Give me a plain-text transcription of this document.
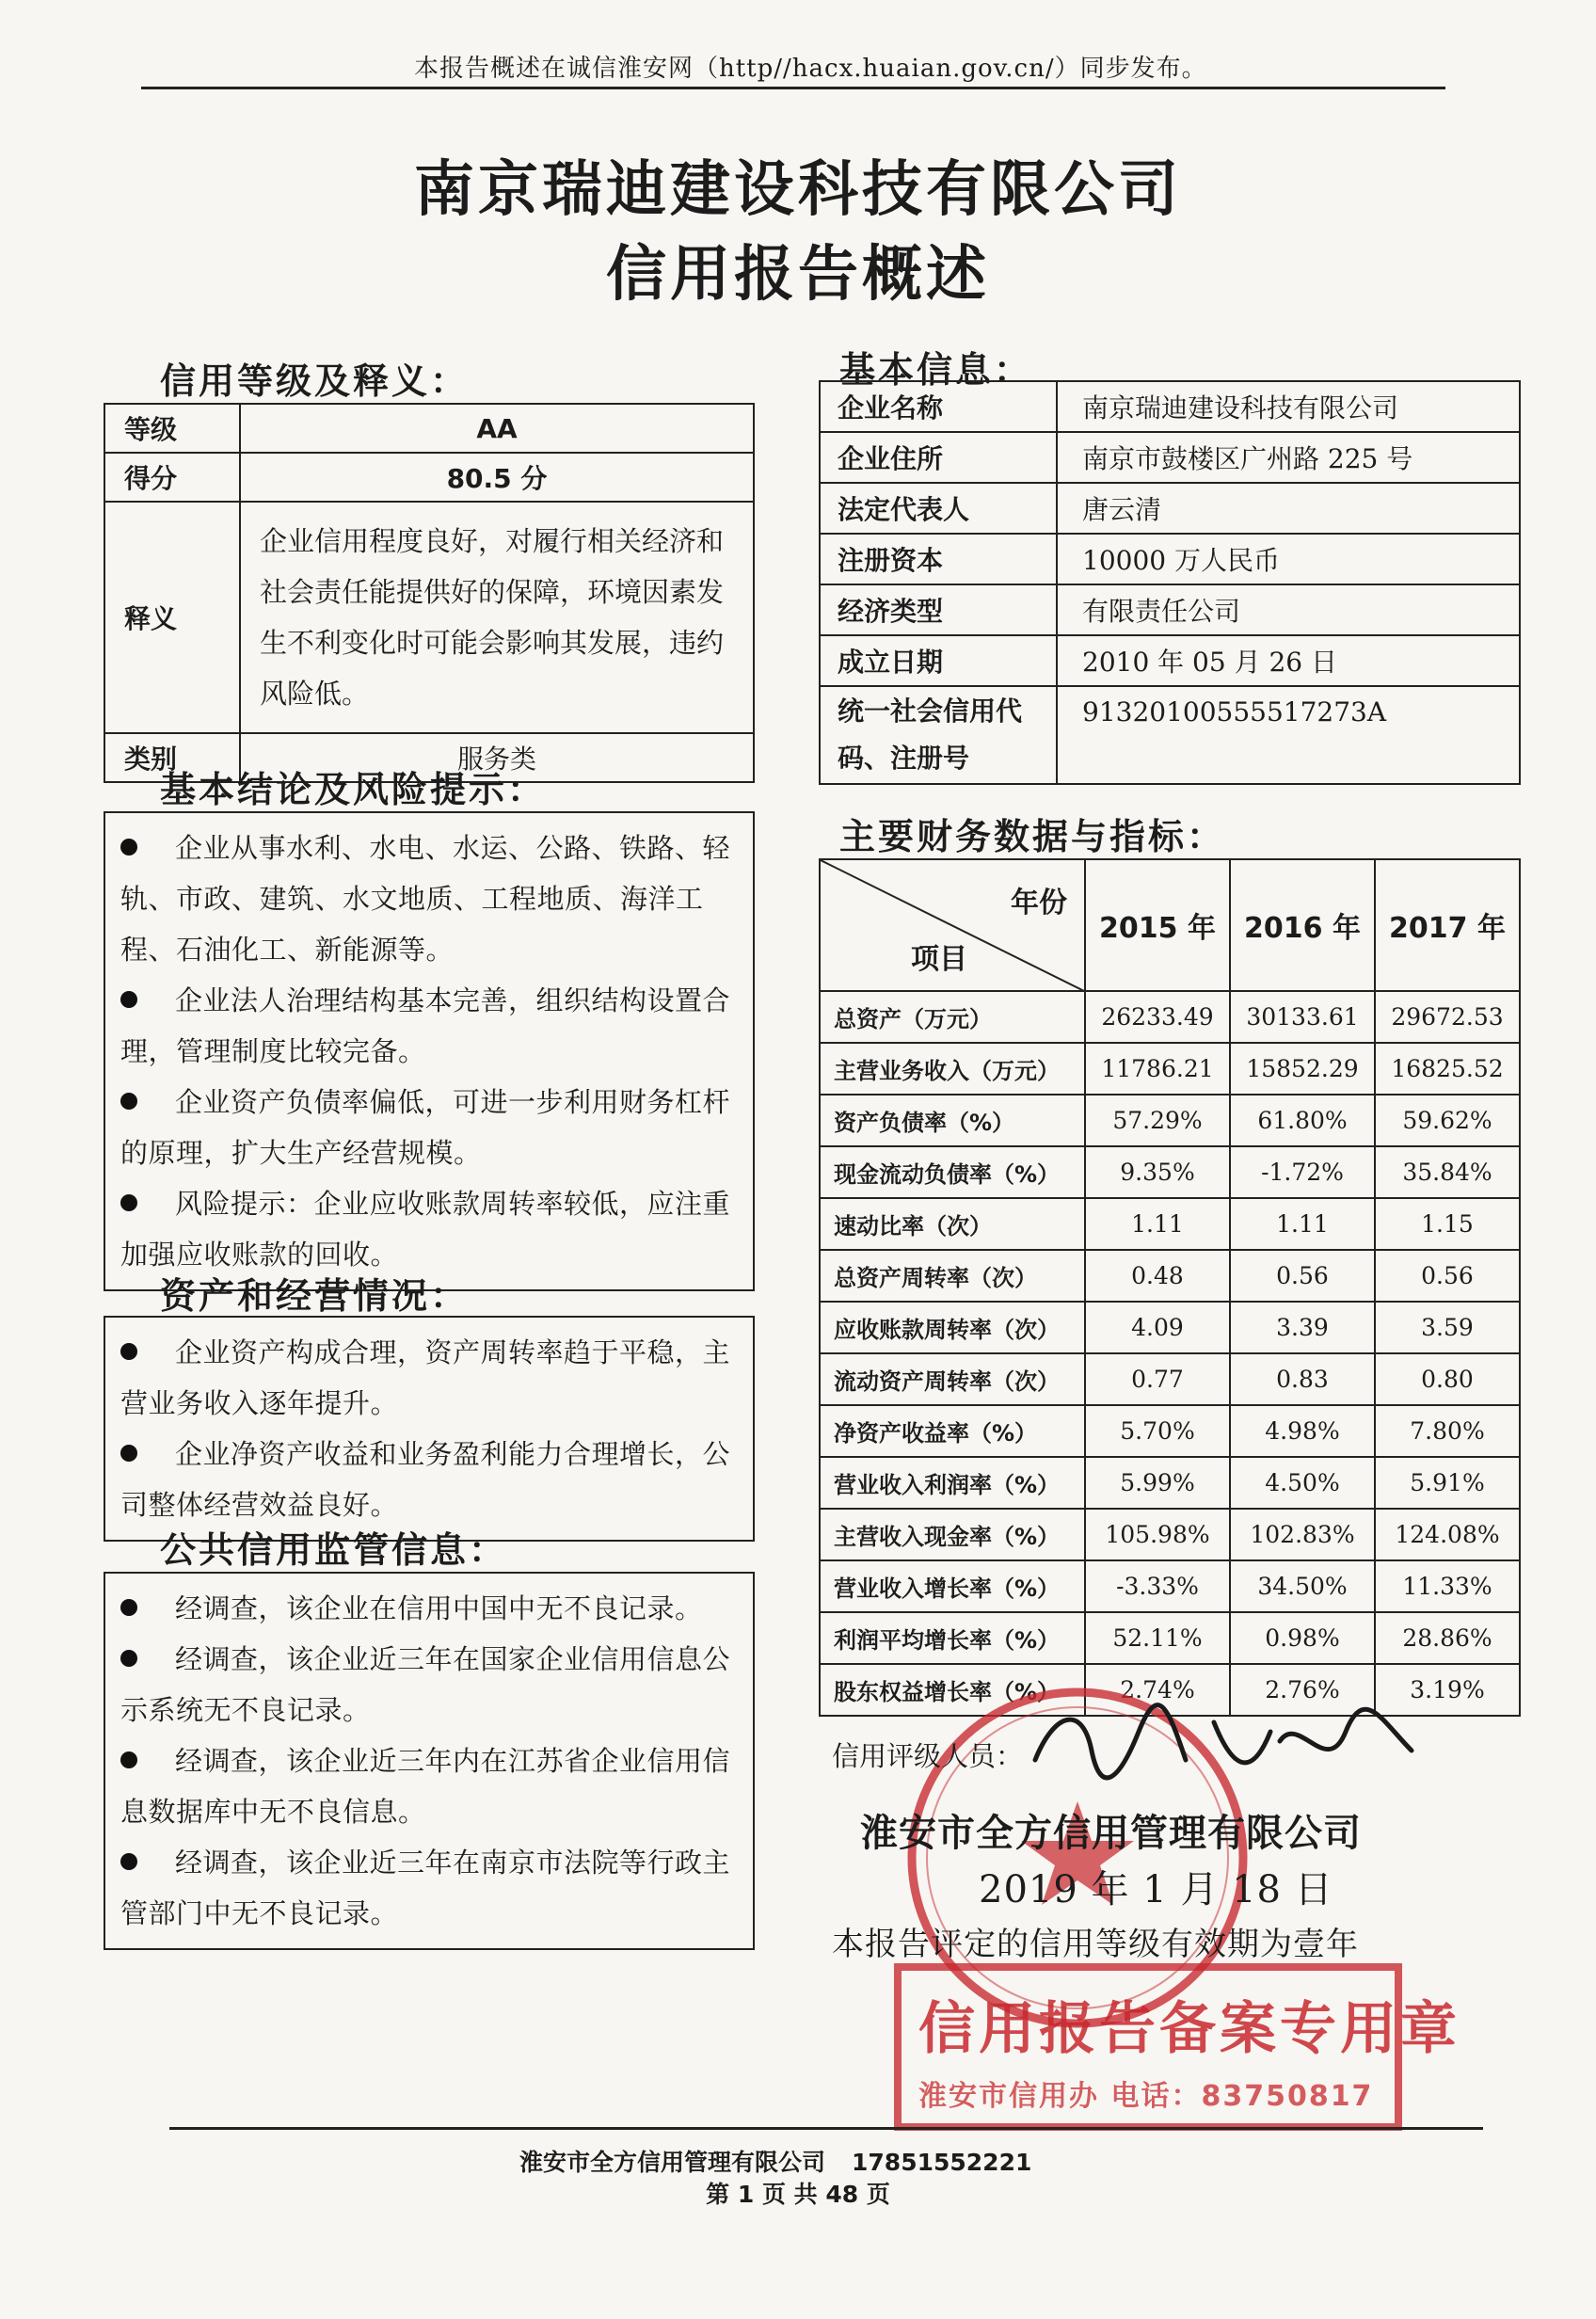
本报告概述在诚信淮安网（http//hacx.huaian.gov.cn/）同步发布。
南京瑞迪建设科技有限公司
信用报告概述
信用等级及释义：
等级	AA
得分	80.5 分
释义	企业信用程度良好，对履行相关经济和社会责任能提供好的保障，环境因素发生不利变化时可能会影响其发展，违约风险低。
类别	服务类
基本结论及风险提示：
企业从事水利、水电、水运、公路、铁路、轻轨、市政、建筑、水文地质、工程地质、海洋工程、石油化工、新能源等。
企业法人治理结构基本完善，组织结构设置合理，管理制度比较完备。
企业资产负债率偏低，可进一步利用财务杠杆的原理，扩大生产经营规模。
风险提示：企业应收账款周转率较低，应注重加强应收账款的回收。
资产和经营情况：
企业资产构成合理，资产周转率趋于平稳，主营业务收入逐年提升。
企业净资产收益和业务盈利能力合理增长，公司整体经营效益良好。
公共信用监管信息：
经调查，该企业在信用中国中无不良记录。
经调查，该企业近三年在国家企业信用信息公示系统无不良记录。
经调查，该企业近三年内在江苏省企业信用信息数据库中无不良信息。
经调查，该企业近三年在南京市法院等行政主管部门中无不良记录。
基本信息：
企业名称	南京瑞迪建设科技有限公司
企业住所	南京市鼓楼区广州路 225 号
法定代表人	唐云清
注册资本	10000 万人民币
经济类型	有限责任公司
成立日期	2010 年 05 月 26 日
统一社会信用代码、注册号	91320100555517273A
主要财务数据与指标：
年份
项目	2015 年	2016 年	2017 年
总资产（万元）	26233.49	30133.61	29672.53
主营业务收入（万元）	11786.21	15852.29	16825.52
资产负债率（%）	57.29%	61.80%	59.62%
现金流动负债率（%）	9.35%	-1.72%	35.84%
速动比率（次）	1.11	1.11	1.15
总资产周转率（次）	0.48	0.56	0.56
应收账款周转率（次）	4.09	3.39	3.59
流动资产周转率（次）	0.77	0.83	0.80
净资产收益率（%）	5.70%	4.98%	7.80%
营业收入利润率（%）	5.99%	4.50%	5.91%
主营收入现金率（%）	105.98%	102.83%	124.08%
营业收入增长率（%）	-3.33%	34.50%	11.33%
利润平均增长率（%）	52.11%	0.98%	28.86%
股东权益增长率（%）	2.74%	2.76%	3.19%
信用评级人员：
淮安市全方信用管理有限公司
2019 年 1 月 18 日
本报告评定的信用等级有效期为壹年
信用报告备案专用章
淮安市信用办 电话：83750817
淮安市全方信用管理有限公司 17851552221
第 1 页 共 48 页
